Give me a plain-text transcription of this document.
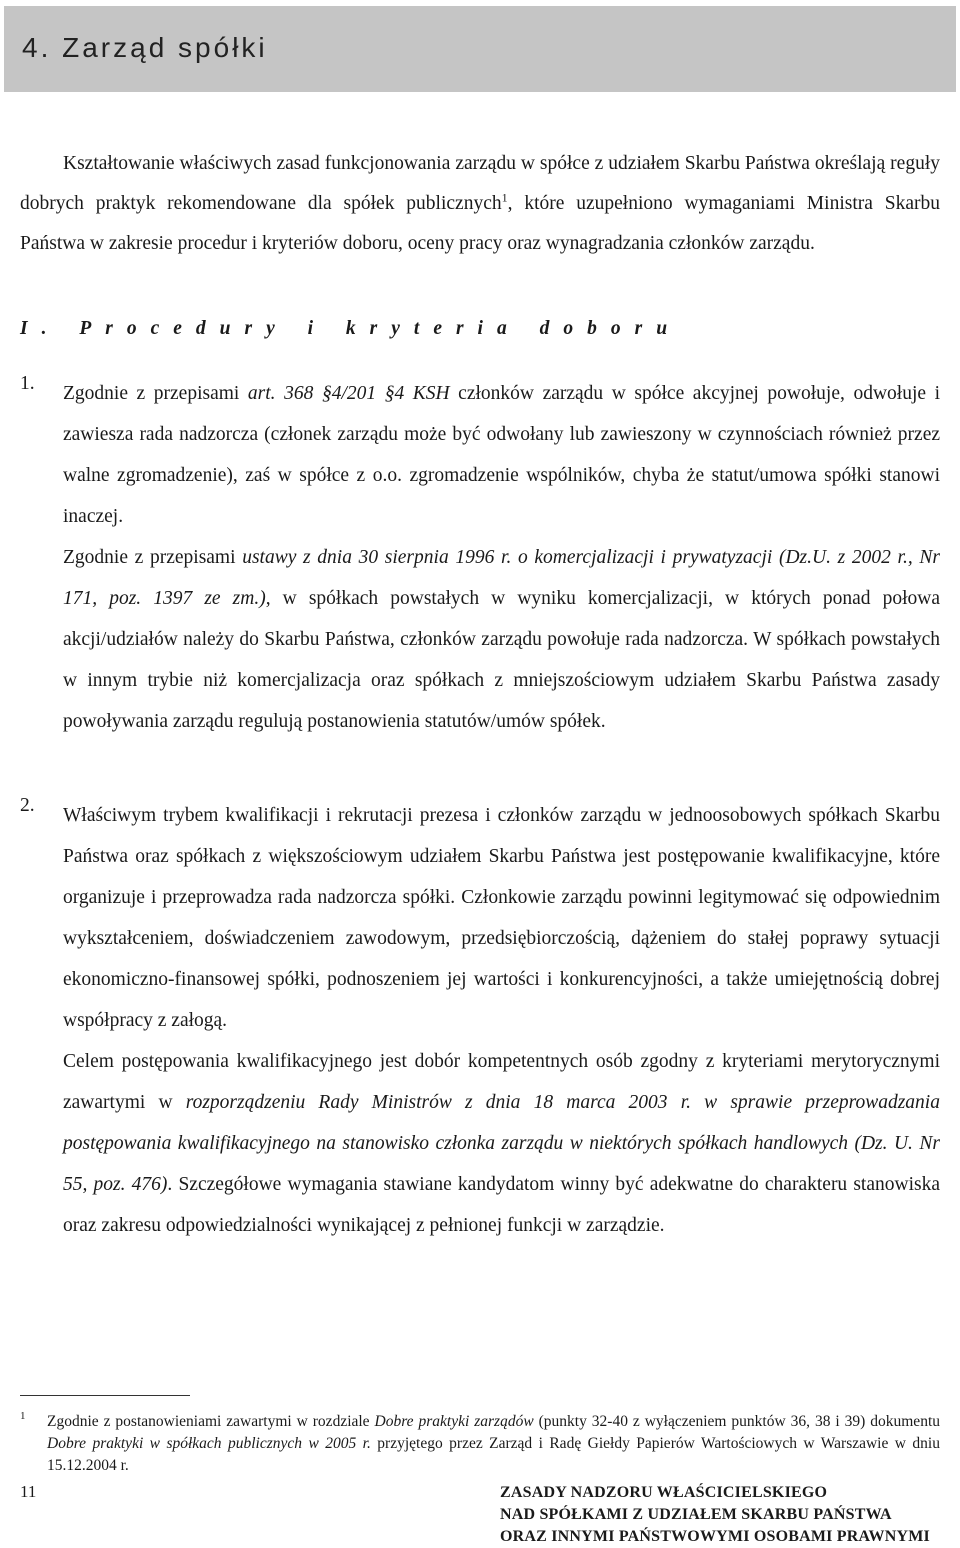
4. Zarząd spółki
Kształtowanie właściwych zasad funkcjonowania zarządu w spółce z udziałem Skarbu Państwa określają reguły dobrych praktyk rekomendowane dla spółek publicznych$^1$, które uzupełniono wymaganiami Ministra Skarbu Państwa w zakresie procedur i kryteriów doboru, oceny pracy oraz wynagradzania członków zarządu.
I. Procedury i kryteria doboru
1.	Zgodnie z przepisami art. 368 §4/201 §4 KSH członków zarządu w spółce akcyjnej powołuje, odwołuje i zawiesza rada nadzorcza (członek zarządu może być odwołany lub zawieszony w czynnościach również przez walne zgromadzenie), zaś w spółce z o.o. zgromadzenie wspólników, chyba że statut/umowa spółki stanowi inaczej.

Zgodnie z przepisami ustawy z dnia 30 sierpnia 1996 r. o komercjalizacji i prywatyzacji (Dz.U. z 2002 r., Nr 171, poz. 1397 ze zm.), w spółkach powstałych w wyniku komercjalizacji, w których ponad połowa akcji/udziałów należy do Skarbu Państwa, członków zarządu powołuje rada nadzorcza. W spółkach powstałych w innym trybie niż komercjalizacja oraz spółkach z mniejszościowym udziałem Skarbu Państwa zasady powoływania zarządu regulują postanowienia statutów/umów spółek.

2.	Właściwym trybem kwalifikacji i rekrutacji prezesa i członków zarządu w jednoosobowych spółkach Skarbu Państwa oraz spółkach z większościowym udziałem Skarbu Państwa jest postępowanie kwalifikacyjne, które organizuje i przeprowadza rada nadzorcza spółki. Członkowie zarządu powinni legitymować się odpowiednim wykształceniem, doświadczeniem zawodowym, przedsiębiorczością, dążeniem do stałej poprawy sytuacji ekonomiczno-finansowej spółki, podnoszeniem jej wartości i konkurencyjności, a także umiejętnością dobrej współpracy z załogą.

Celem postępowania kwalifikacyjnego jest dobór kompetentnych osób zgodny z kryteriami merytorycznymi zawartymi w rozporządzeniu Rady Ministrów z dnia 18 marca 2003 r. w sprawie przeprowadzania postępowania kwalifikacyjnego na stanowisko członka zarządu w niektórych spółkach handlowych (Dz. U. Nr 55, poz. 476). Szczegółowe wymagania stawiane kandydatom winny być adekwatne do charakteru stanowiska oraz zakresu odpowiedzialności wynikającej z pełnionej funkcji w zarządzie.

1 Zgodnie z postanowieniami zawartymi w rozdziale Dobre praktyki zarządów (punkty 32-40 z wyłączeniem punktów 36, 38 i 39) dokumentu Dobre praktyki w spółkach publicznych w 2005 r. przyjętego przez Zarząd i Radę Giełdy Papierów Wartościowych w Warszawie w dniu 15.12.2004 r.
11	ZASADY NADZORU WŁAŚCICIELSKIEGO
NAD SPÓŁKAMI Z UDZIAŁEM SKARBU PAŃSTWA
ORAZ INNYMI PAŃSTWOWYMI OSOBAMI PRAWNYMI
